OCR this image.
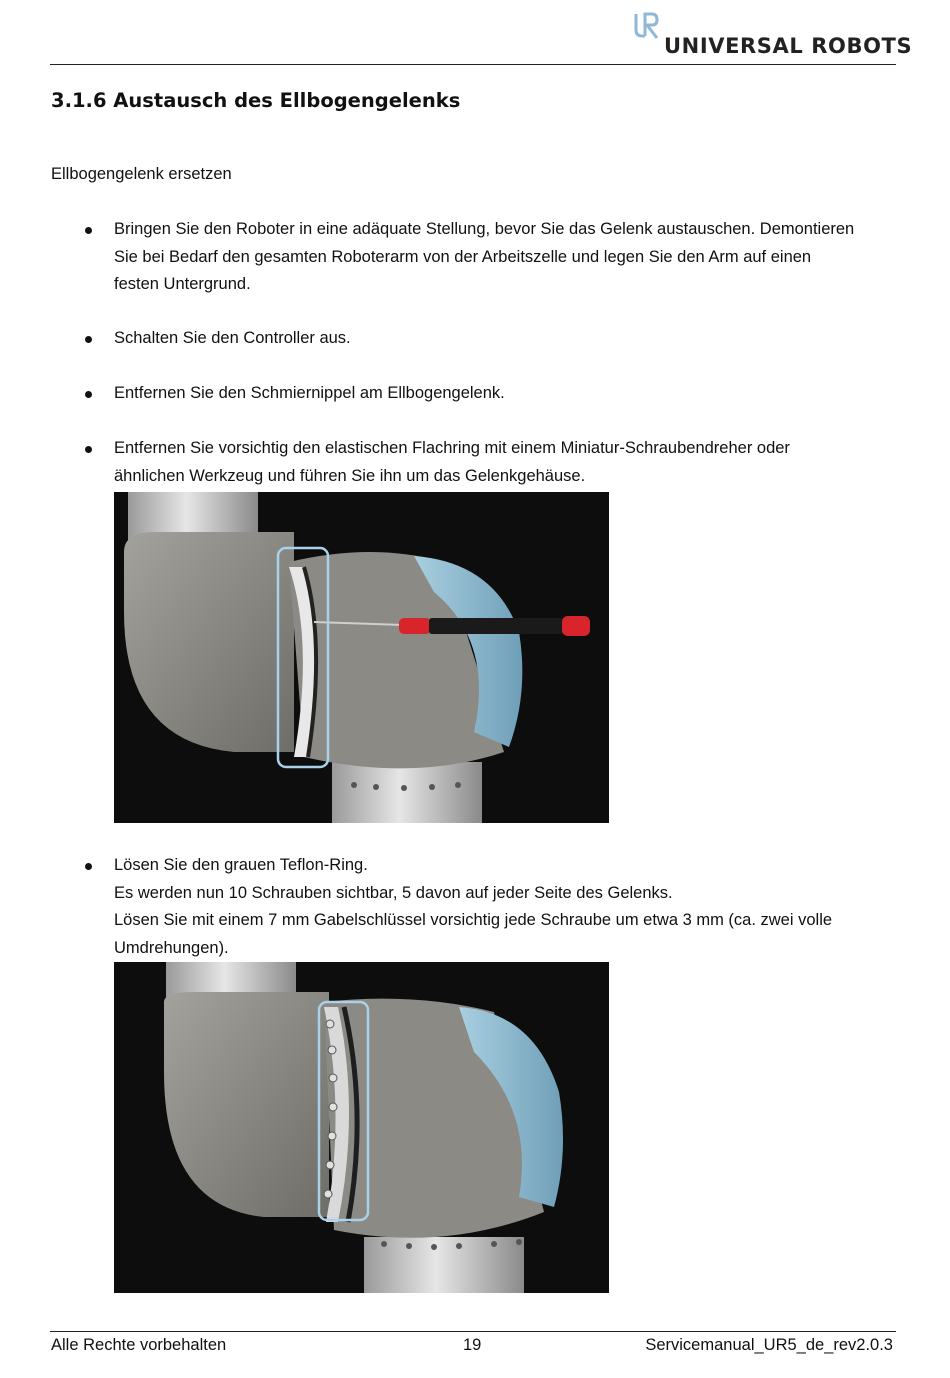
UNIVERSAL ROBOTS
3.1.6 Austausch des Ellbogengelenks
Ellbogengelenk ersetzen
Bringen Sie den Roboter in eine adäquate Stellung, bevor Sie das Gelenk austauschen. Demontieren
Sie bei Bedarf den gesamten Roboterarm von der Arbeitszelle und legen Sie den Arm auf einen
festen Untergrund.
Schalten Sie den Controller aus.
Entfernen Sie den Schmiernippel am Ellbogengelenk.
Entfernen Sie vorsichtig den elastischen Flachring mit einem Miniatur-Schraubendreher oder
ähnlichen Werkzeug und führen Sie ihn um das Gelenkgehäuse.
Lösen Sie den grauen Teflon-Ring.
Es werden nun 10 Schrauben sichtbar, 5 davon auf jeder Seite des Gelenks.
Lösen Sie mit einem 7 mm Gabelschlüssel vorsichtig jede Schraube um etwa 3 mm (ca. zwei volle
Umdrehungen).
Alle Rechte vorbehalten	19	Servicemanual_UR5_de_rev2.0.3
